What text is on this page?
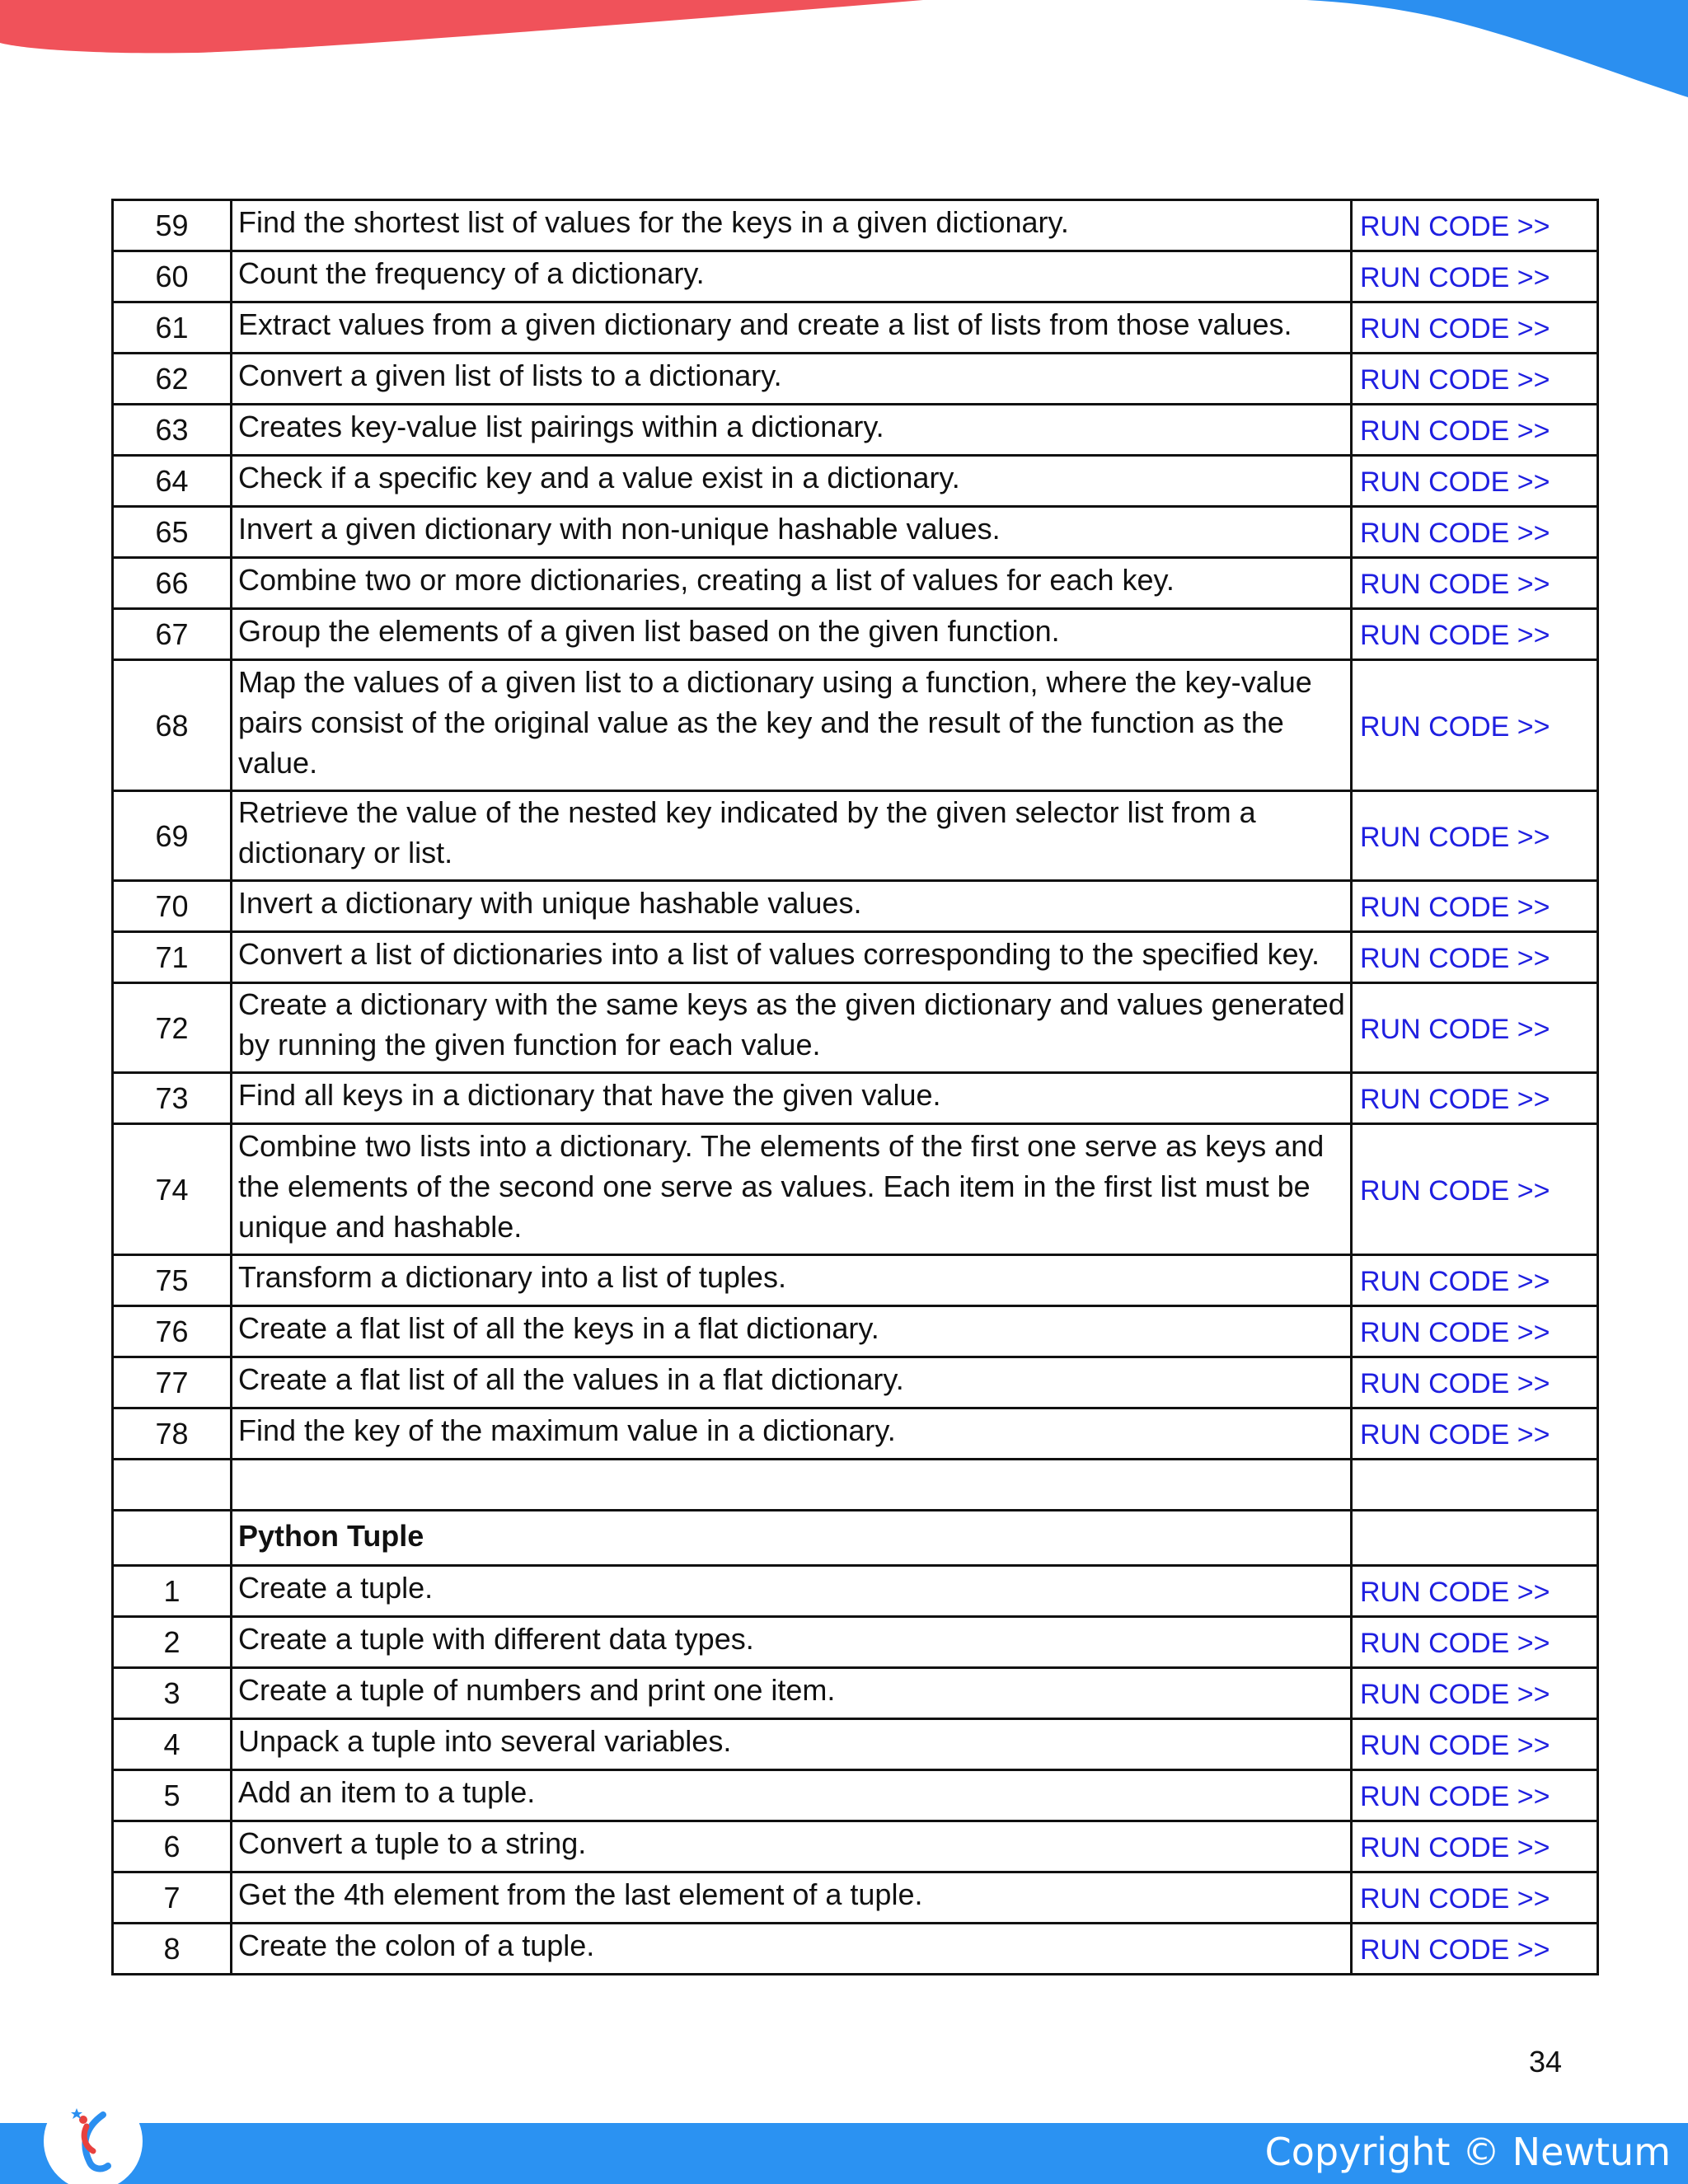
59	Find the shortest list of values for the keys in a given dictionary.	RUN CODE >>
60	Count the frequency of a dictionary.	RUN CODE >>
61	Extract values from a given dictionary and create a list of lists from those values.	RUN CODE >>
62	Convert a given list of lists to a dictionary.	RUN CODE >>
63	Creates key-value list pairings within a dictionary.	RUN CODE >>
64	Check if a specific key and a value exist in a dictionary.	RUN CODE >>
65	Invert a given dictionary with non-unique hashable values.	RUN CODE >>
66	Combine two or more dictionaries, creating a list of values for each key.	RUN CODE >>
67	Group the elements of a given list based on the given function.	RUN CODE >>
68	Map the values of a given list to a dictionary using a function, where the key-value pairs consist of the original value as the key and the result of the function as the value.	RUN CODE >>
69	Retrieve the value of the nested key indicated by the given selector list from a dictionary or list.	RUN CODE >>
70	Invert a dictionary with unique hashable values.	RUN CODE >>
71	Convert a list of dictionaries into a list of values corresponding to the specified key.	RUN CODE >>
72	Create a dictionary with the same keys as the given dictionary and values generated by running the given function for each value.	RUN CODE >>
73	Find all keys in a dictionary that have the given value.	RUN CODE >>
74	Combine two lists into a dictionary. The elements of the first one serve as keys and the elements of the second one serve as values. Each item in the first list must be unique and hashable.	RUN CODE >>
75	Transform a dictionary into a list of tuples.	RUN CODE >>
76	Create a flat list of all the keys in a flat dictionary.	RUN CODE >>
77	Create a flat list of all the values in a flat dictionary.	RUN CODE >>
78	Find the key of the maximum value in a dictionary.	RUN CODE >>

	Python Tuple	
1	Create a tuple.	RUN CODE >>
2	Create a tuple with different data types.	RUN CODE >>
3	Create a tuple of numbers and print one item.	RUN CODE >>
4	Unpack a tuple into several variables.	RUN CODE >>
5	Add an item to a tuple.	RUN CODE >>
6	Convert a tuple to a string.	RUN CODE >>
7	Get the 4th element from the last element of a tuple.	RUN CODE >>
8	Create the colon of a tuple.	RUN CODE >>
34
Copyright © Newtum
